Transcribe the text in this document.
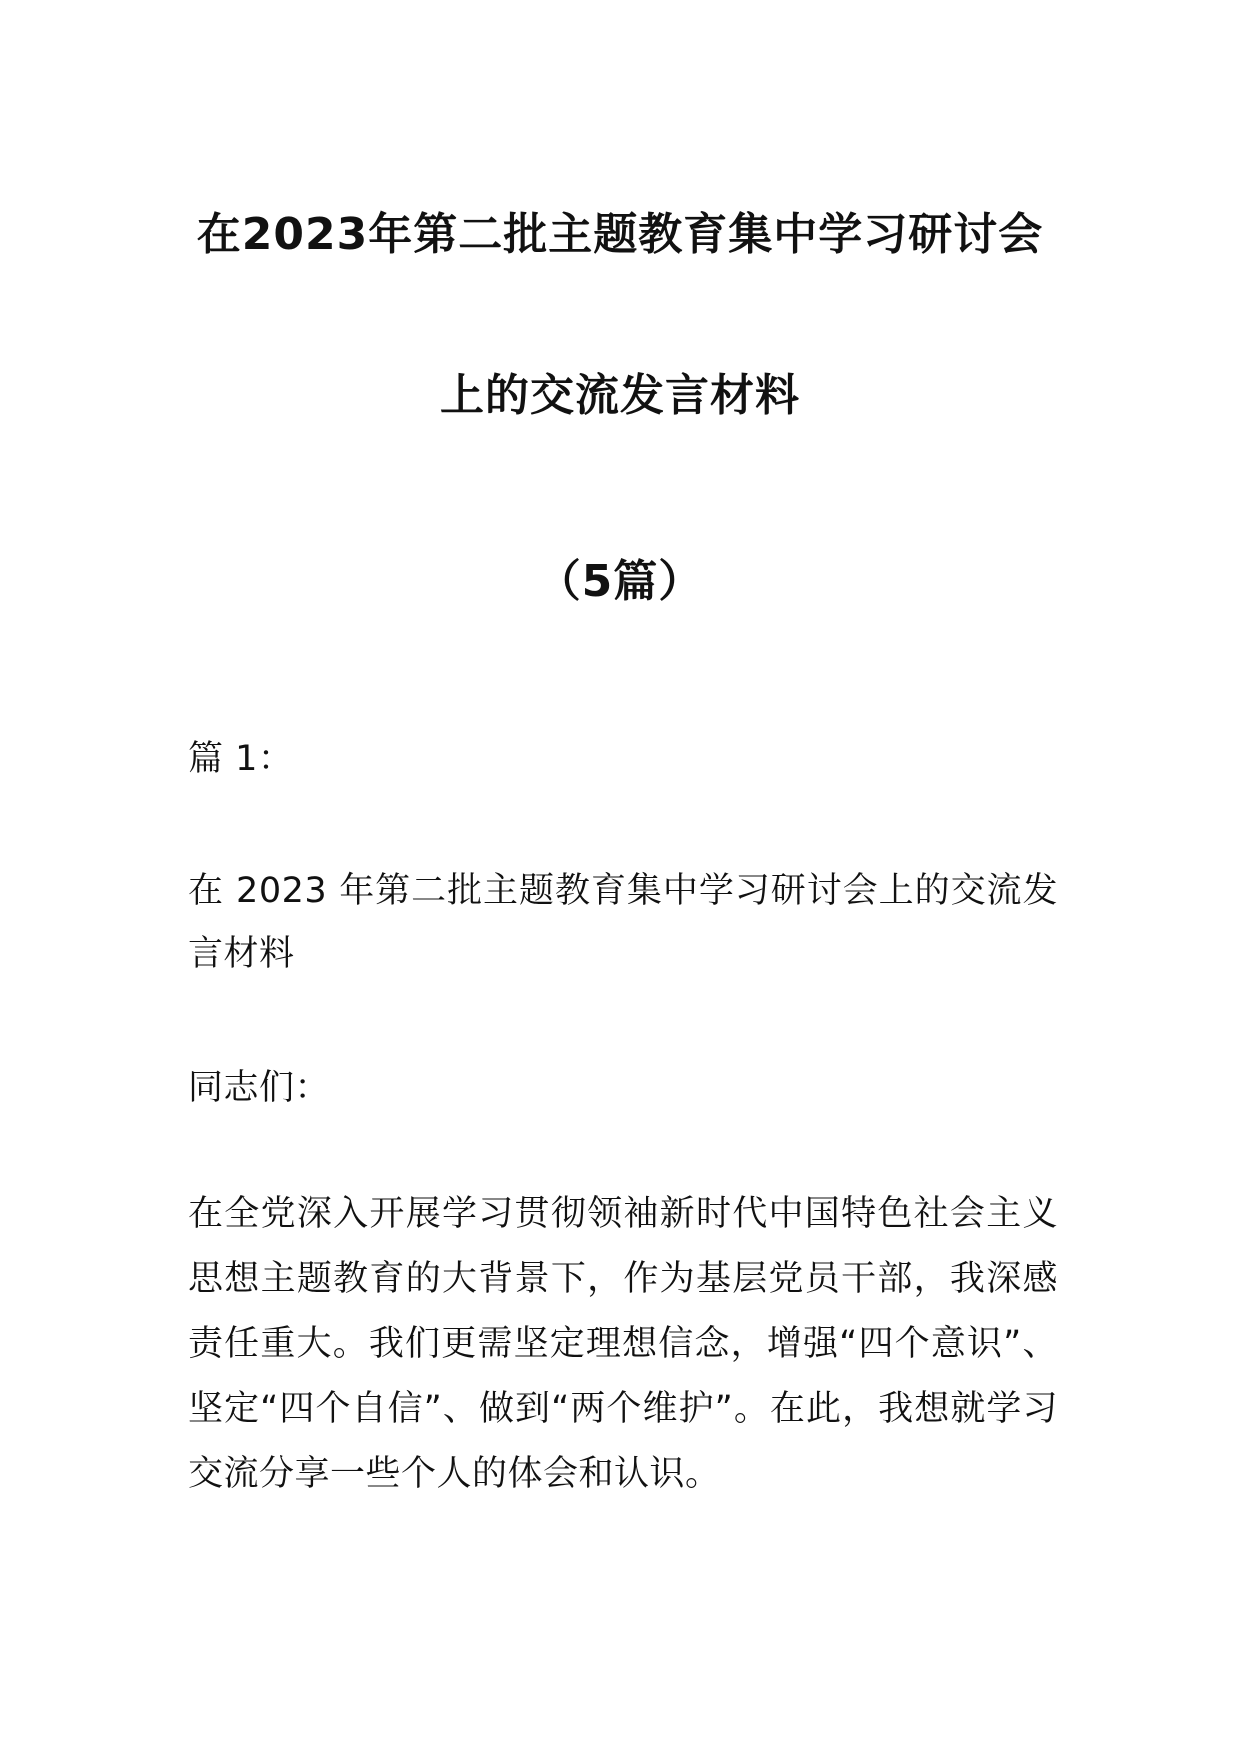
在2023年第二批主题教育集中学习研讨会
上的交流发言材料
（5篇）
篇 1：
在 2023 年第二批主题教育集中学习研讨会上的交流发言材料
同志们：
在全党深入开展学习贯彻领袖新时代中国特色社会主义思想主题教育的大背景下，作为基层党员干部，我深感责任重大。我们更需坚定理想信念，增强“四个意识”、坚定“四个自信”、做到“两个维护”。在此，我想就学习交流分享一些个人的体会和认识。
